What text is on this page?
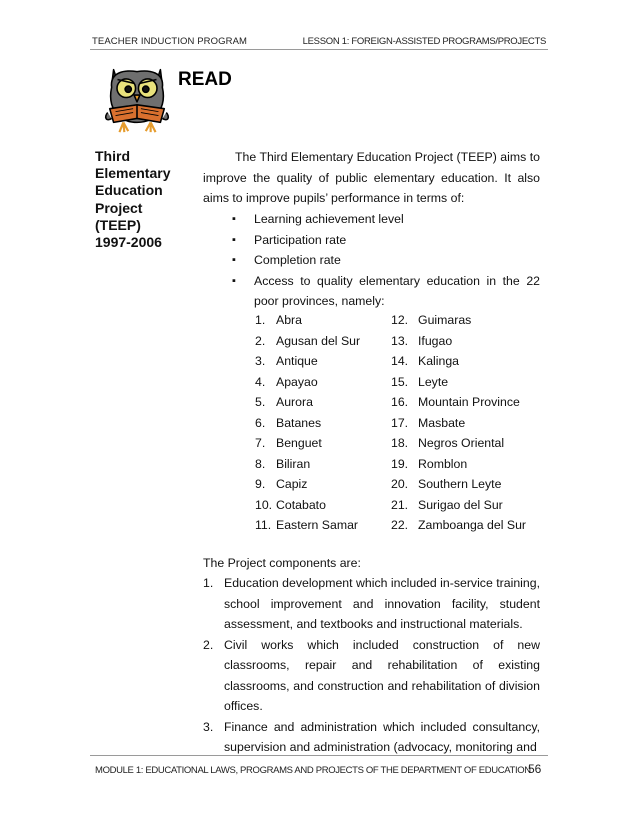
TEACHER INDUCTION PROGRAM	LESSON 1: FOREIGN-ASSISTED PROGRAMS/PROJECTS
READ
Third
Elementary
Education
Project
(TEEP)
1997-2006
The Third Elementary Education Project (TEEP) aims to improve the quality of public elementary education. It also aims to improve pupils’ performance in terms of:
▪ Learning achievement level
▪ Participation rate
▪ Completion rate
▪ Access to quality elementary education in the 22 poor provinces, namely:
1. Abra	12. Guimaras
2. Agusan del Sur	13. Ifugao
3. Antique	14. Kalinga
4. Apayao	15. Leyte
5. Aurora	16. Mountain Province
6. Batanes	17. Masbate
7. Benguet	18. Negros Oriental
8. Biliran	19. Romblon
9. Capiz	20. Southern Leyte
10. Cotabato	21. Surigao del Sur
11. Eastern Samar	22. Zamboanga del Sur
The Project components are:
1. Education development which included in-service training, school improvement and innovation facility, student assessment, and textbooks and instructional materials.
2. Civil works which included construction of new classrooms, repair and rehabilitation of existing classrooms, and construction and rehabilitation of division offices.
3. Finance and administration which included consultancy, supervision and administration (advocacy, monitoring and
MODULE 1: EDUCATIONAL LAWS, PROGRAMS AND PROJECTS OF THE DEPARTMENT OF EDUCATION
56
